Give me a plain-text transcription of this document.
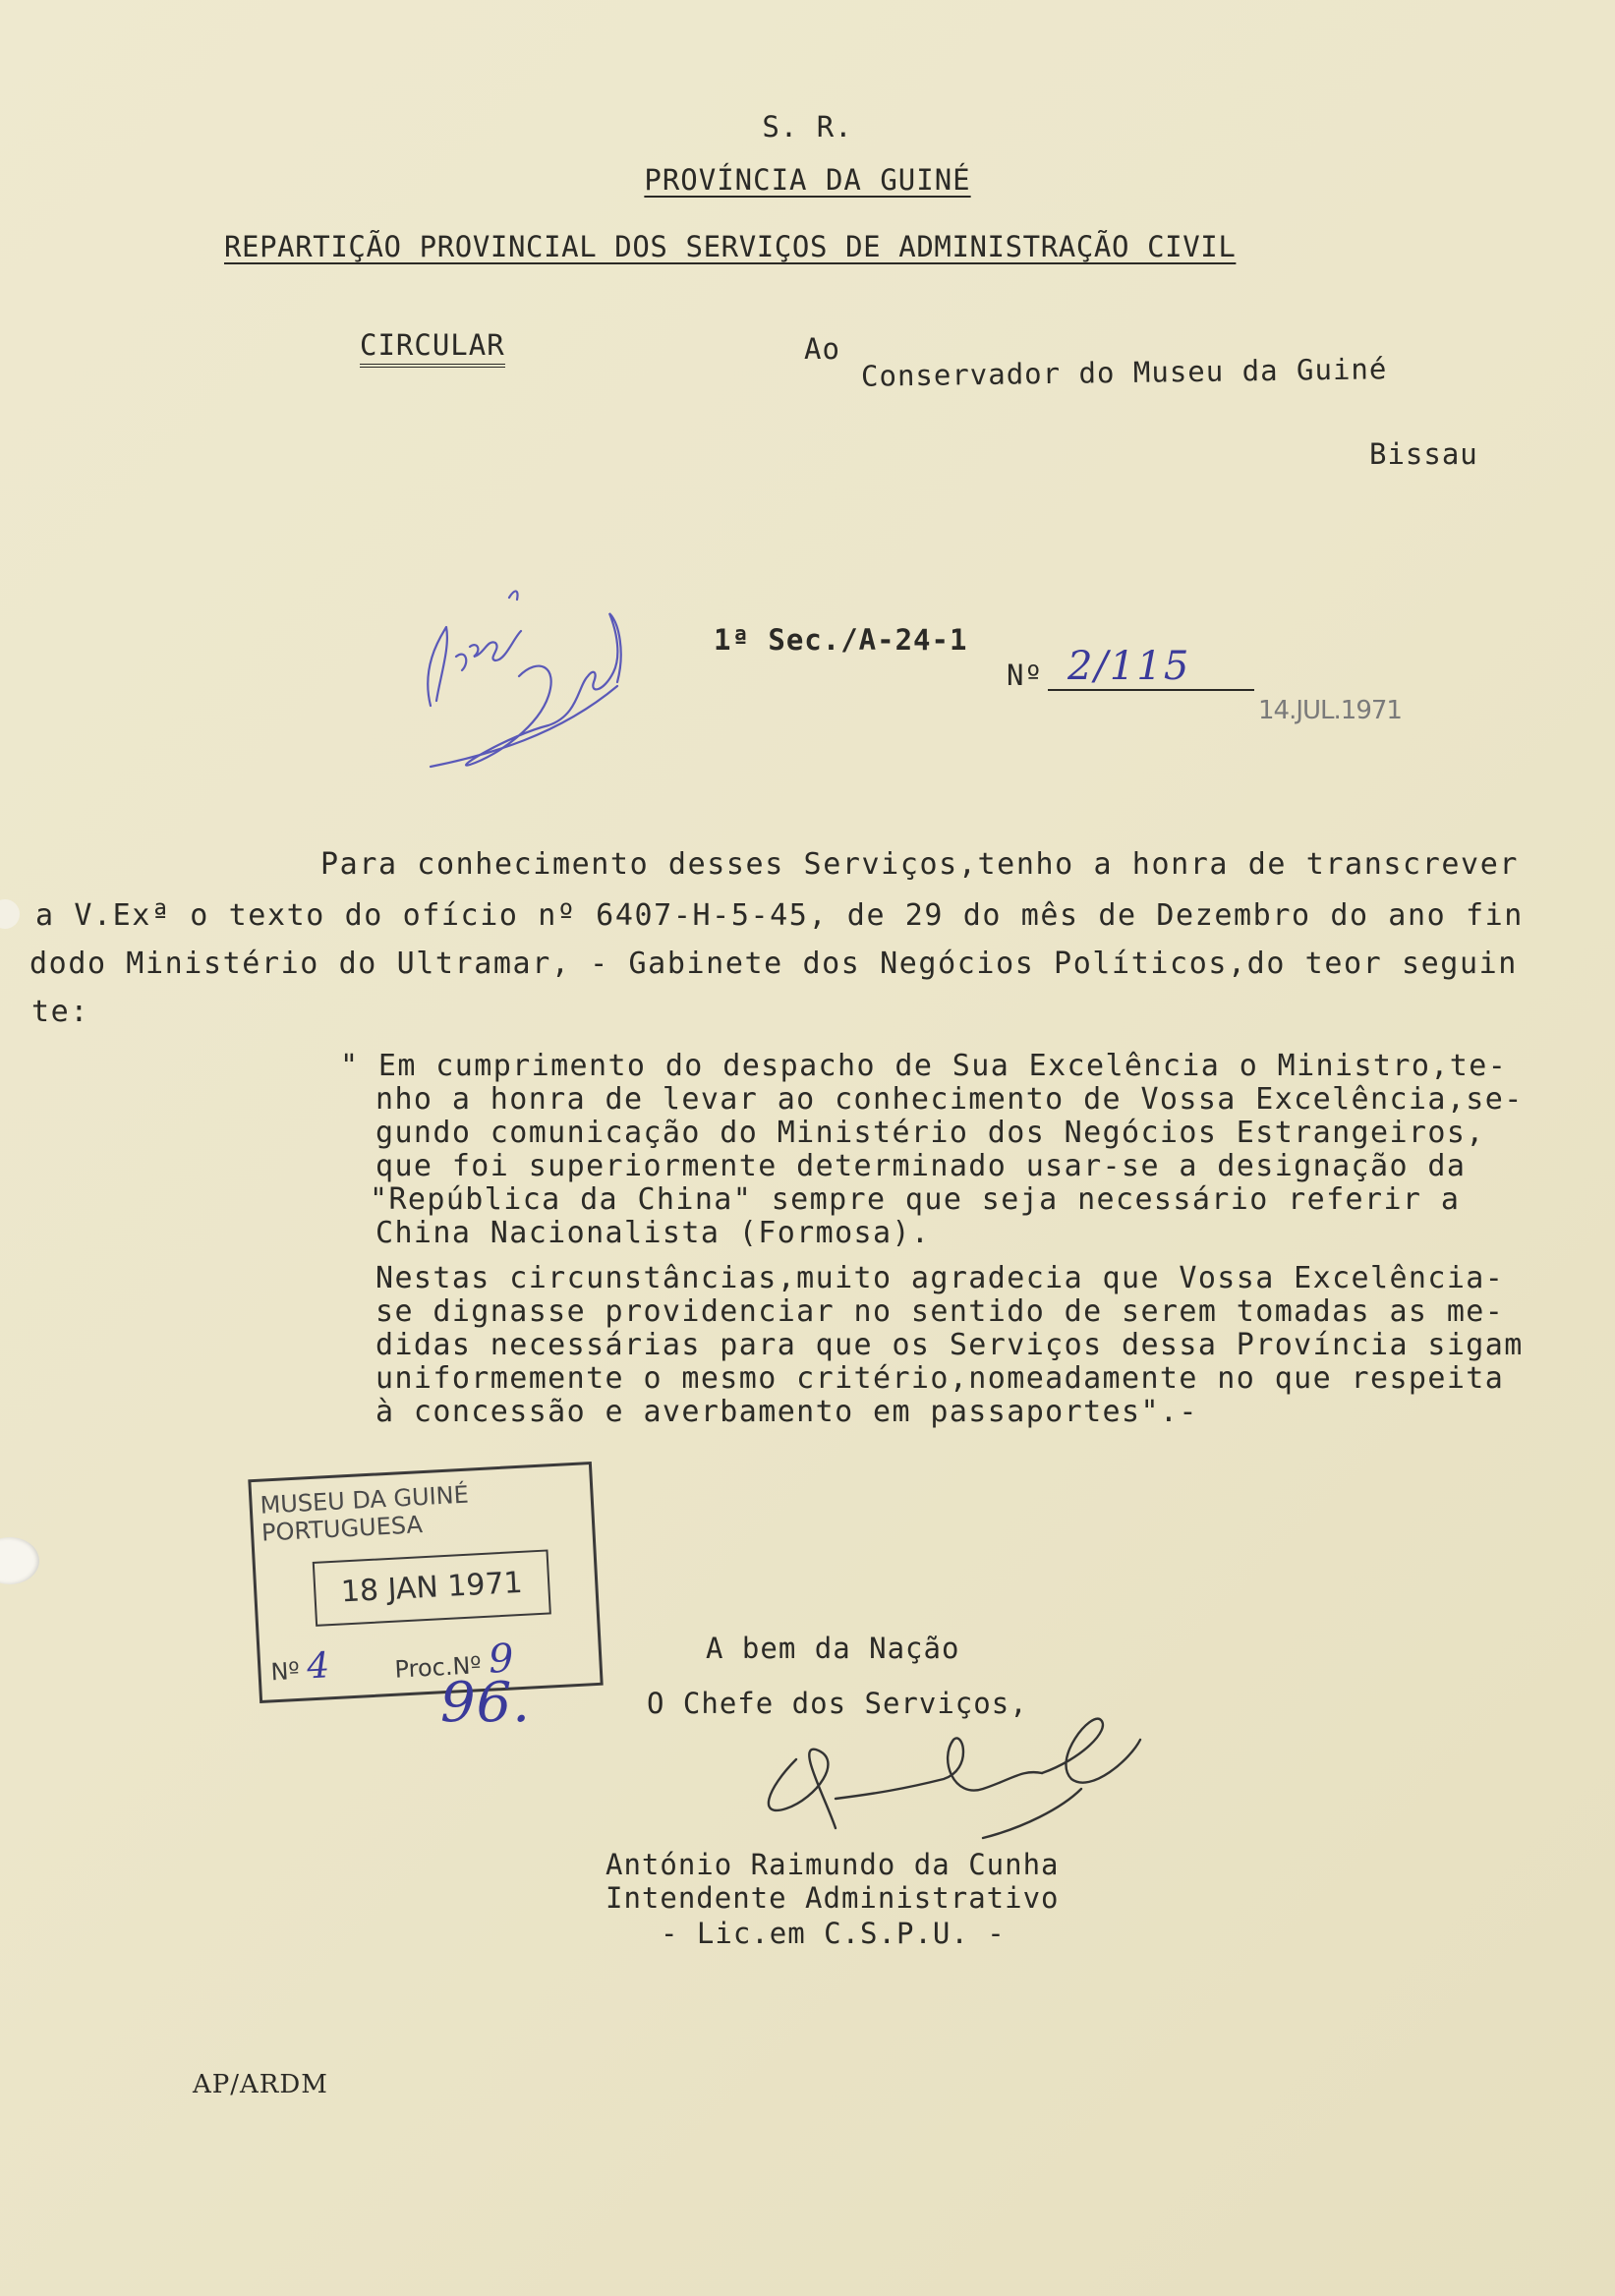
S. R.
PROVÍNCIA DA GUINÉ
REPARTIÇÃO PROVINCIAL DOS SERVIÇOS DE ADMINISTRAÇÃO CIVIL
CIRCULAR	Ao
Conservador do Museu da Guiné
Bissau
1ª Sec./A-24-1
Nº 2/115
14.JUL.1971
Para conhecimento desses Serviços,tenho a honra de transcrever
a V.Exª o texto do ofício nº 6407-H-5-45, de 29 do mês de Dezembro do ano fin
dodo Ministério do Ultramar, - Gabinete dos Negócios Políticos,do teor seguin
te:
" Em cumprimento do despacho de Sua Excelência o Ministro,te-
nho a honra de levar ao conhecimento de Vossa Excelência,se-
gundo comunicação do Ministério dos Negócios Estrangeiros,
que foi superiormente determinado usar-se a designação da
"República da China" sempre que seja necessário referir a
China Nacionalista (Formosa).
Nestas circunstâncias,muito agradecia que Vossa Excelência-
se dignasse providenciar no sentido de serem tomadas as me-
didas necessárias para que os Serviços dessa Província sigam
uniformemente o mesmo critério,nomeadamente no que respeita
à concessão e averbamento em passaportes".-
MUSEU DA GUINÉ PORTUGUESA
18 JAN 1971
Nº 4	Proc.Nº 9
96.
A bem da Nação
O Chefe dos Serviços,
António Raimundo da Cunha
Intendente Administrativo
- Lic.em C.S.P.U. -
AP/ARDM
